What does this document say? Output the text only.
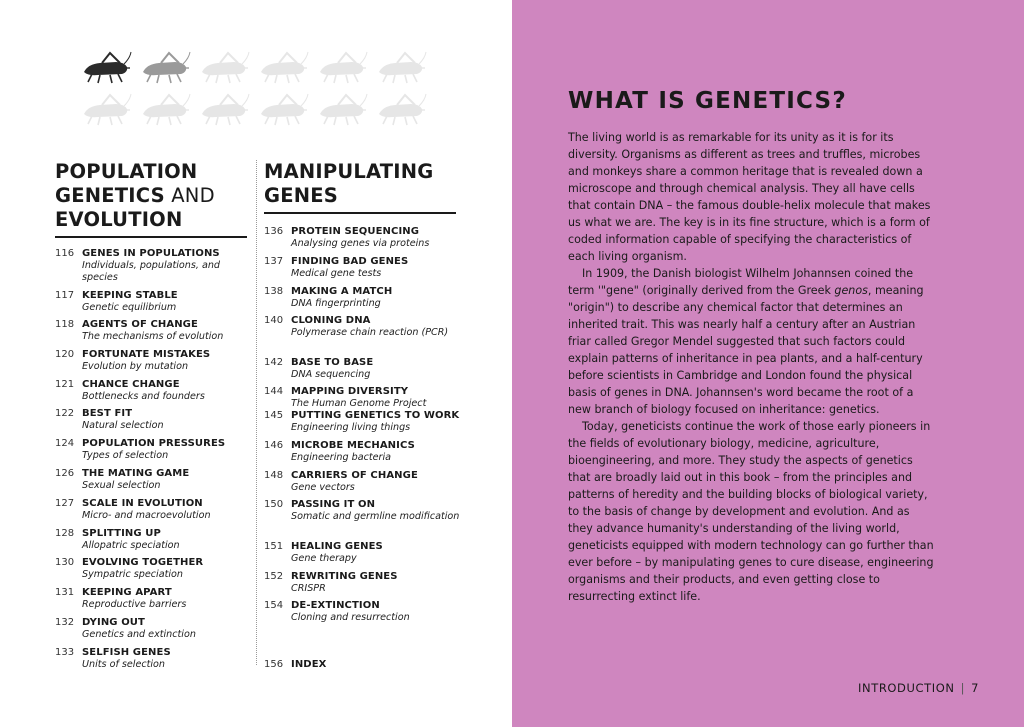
POPULATION
GENETICS AND
EVOLUTION
116 GENES IN POPULATIONS
Individuals, populations, and species
117 KEEPING STABLE
Genetic equilibrium
118 AGENTS OF CHANGE
The mechanisms of evolution
120 FORTUNATE MISTAKES
Evolution by mutation
121 CHANCE CHANGE
Bottlenecks and founders
122 BEST FIT
Natural selection
124 POPULATION PRESSURES
Types of selection
126 THE MATING GAME
Sexual selection
127 SCALE IN EVOLUTION
Micro- and macroevolution
128 SPLITTING UP
Allopatric speciation
130 EVOLVING TOGETHER
Sympatric speciation
131 KEEPING APART
Reproductive barriers
132 DYING OUT
Genetics and extinction
133 SELFISH GENES
Units of selection
MANIPULATING
GENES
136 PROTEIN SEQUENCING
Analysing genes via proteins
137 FINDING BAD GENES
Medical gene tests
138 MAKING A MATCH
DNA fingerprinting
140 CLONING DNA
Polymerase chain reaction (PCR)
142 BASE TO BASE
DNA sequencing
144 MAPPING DIVERSITY
The Human Genome Project
145 PUTTING GENETICS TO WORK
Engineering living things
146 MICROBE MECHANICS
Engineering bacteria
148 CARRIERS OF CHANGE
Gene vectors
150 PASSING IT ON
Somatic and germline modification
151 HEALING GENES
Gene therapy
152 REWRITING GENES
CRISPR
154 DE-EXTINCTION
Cloning and resurrection
156 INDEX
WHAT IS GENETICS?

The living world is as remarkable for its unity as it is for its diversity. Organisms as different as trees and truffles, microbes and monkeys share a common heritage that is revealed down a microscope and through chemical analysis. They all have cells that contain DNA – the famous double-helix molecule that makes us what we are. The key is in its fine structure, which is a form of coded information capable of specifying the characteristics of each living organism.

In 1909, the Danish biologist Wilhelm Johannsen coined the term '"gene" (originally derived from the Greek genos, meaning "origin") to describe any chemical factor that determines an inherited trait. This was nearly half a century after an Austrian friar called Gregor Mendel suggested that such factors could explain patterns of inheritance in pea plants, and a half-century before scientists in Cambridge and London found the physical basis of genes in DNA. Johannsen's word became the root of a new branch of biology focused on inheritance: genetics.

Today, geneticists continue the work of those early pioneers in the fields of evolutionary biology, medicine, agriculture, bioengineering, and more. They study the aspects of genetics that are broadly laid out in this book – from the principles and patterns of heredity and the building blocks of biological variety, to the basis of change by development and evolution. And as they advance humanity's understanding of the living world, geneticists equipped with modern technology can go further than ever before – by manipulating genes to cure disease, engineering organisms and their products, and even getting close to resurrecting extinct life.

INTRODUCTION | 7
